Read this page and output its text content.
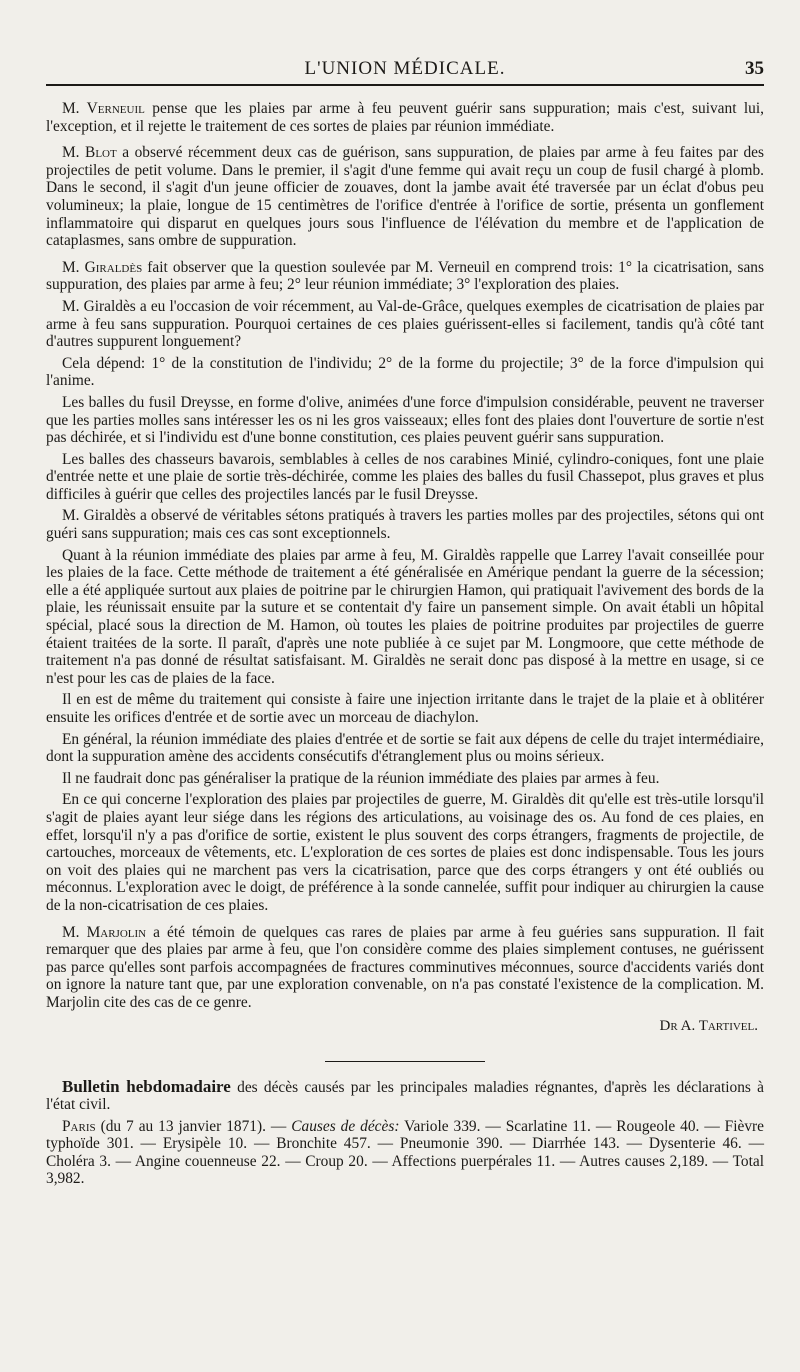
L'UNION MÉDICALE.	35

M. Verneuil pense que les plaies par arme à feu peuvent guérir sans suppuration; mais c'est, suivant lui, l'exception, et il rejette le traitement de ces sortes de plaies par réunion immédiate.

M. Blot a observé récemment deux cas de guérison, sans suppuration, de plaies par arme à feu faites par des projectiles de petit volume. Dans le premier, il s'agit d'une femme qui avait reçu un coup de fusil chargé à plomb. Dans le second, il s'agit d'un jeune officier de zouaves, dont la jambe avait été traversée par un éclat d'obus peu volumineux; la plaie, longue de 15 centimètres de l'orifice d'entrée à l'orifice de sortie, présenta un gonflement inflammatoire qui disparut en quelques jours sous l'influence de l'élévation du membre et de l'application de cataplasmes, sans ombre de suppuration.

M. Giraldès fait observer que la question soulevée par M. Verneuil en comprend trois: 1° la cicatrisation, sans suppuration, des plaies par arme à feu; 2° leur réunion immédiate; 3° l'exploration des plaies.

M. Giraldès a eu l'occasion de voir récemment, au Val-de-Grâce, quelques exemples de cicatrisation de plaies par arme à feu sans suppuration. Pourquoi certaines de ces plaies guérissent-elles si facilement, tandis qu'à côté tant d'autres suppurent longuement?

Cela dépend: 1° de la constitution de l'individu; 2° de la forme du projectile; 3° de la force d'impulsion qui l'anime.

Les balles du fusil Dreysse, en forme d'olive, animées d'une force d'impulsion considérable, peuvent ne traverser que les parties molles sans intéresser les os ni les gros vaisseaux; elles font des plaies dont l'ouverture de sortie n'est pas déchirée, et si l'individu est d'une bonne constitution, ces plaies peuvent guérir sans suppuration.

Les balles des chasseurs bavarois, semblables à celles de nos carabines Minié, cylindro-coniques, font une plaie d'entrée nette et une plaie de sortie très-déchirée, comme les plaies des balles du fusil Chassepot, plus graves et plus difficiles à guérir que celles des projectiles lancés par le fusil Dreysse.

M. Giraldès a observé de véritables sétons pratiqués à travers les parties molles par des projectiles, sétons qui ont guéri sans suppuration; mais ces cas sont exceptionnels.

Quant à la réunion immédiate des plaies par arme à feu, M. Giraldès rappelle que Larrey l'avait conseillée pour les plaies de la face. Cette méthode de traitement a été généralisée en Amérique pendant la guerre de la sécession; elle a été appliquée surtout aux plaies de poitrine par le chirurgien Hamon, qui pratiquait l'avivement des bords de la plaie, les réunissait ensuite par la suture et se contentait d'y faire un pansement simple. On avait établi un hôpital spécial, placé sous la direction de M. Hamon, où toutes les plaies de poitrine produites par projectiles de guerre étaient traitées de la sorte. Il paraît, d'après une note publiée à ce sujet par M. Longmoore, que cette méthode de traitement n'a pas donné de résultat satisfaisant. M. Giraldès ne serait donc pas disposé à la mettre en usage, si ce n'est pour les cas de plaies de la face.

Il en est de même du traitement qui consiste à faire une injection irritante dans le trajet de la plaie et à oblitérer ensuite les orifices d'entrée et de sortie avec un morceau de diachylon.

En général, la réunion immédiate des plaies d'entrée et de sortie se fait aux dépens de celle du trajet intermédiaire, dont la suppuration amène des accidents consécutifs d'étranglement plus ou moins sérieux.

Il ne faudrait donc pas généraliser la pratique de la réunion immédiate des plaies par armes à feu.

En ce qui concerne l'exploration des plaies par projectiles de guerre, M. Giraldès dit qu'elle est très-utile lorsqu'il s'agit de plaies ayant leur siége dans les régions des articulations, au voisinage des os. Au fond de ces plaies, en effet, lorsqu'il n'y a pas d'orifice de sortie, existent le plus souvent des corps étrangers, fragments de projectile, de cartouches, morceaux de vêtements, etc. L'exploration de ces sortes de plaies est donc indispensable. Tous les jours on voit des plaies qui ne marchent pas vers la cicatrisation, parce que des corps étrangers y ont été oubliés ou méconnus. L'exploration avec le doigt, de préférence à la sonde cannelée, suffit pour indiquer au chirurgien la cause de la non-cicatrisation de ces plaies.

M. Marjolin a été témoin de quelques cas rares de plaies par arme à feu guéries sans suppuration. Il fait remarquer que des plaies par arme à feu, que l'on considère comme des plaies simplement contuses, ne guérissent pas parce qu'elles sont parfois accompagnées de fractures comminutives méconnues, source d'accidents variés dont on ignore la nature tant que, par une exploration convenable, on n'a pas constaté l'existence de la complication. M. Marjolin cite des cas de ce genre.

Dr A. Tartivel.

Bulletin hebdomadaire des décès causés par les principales maladies régnantes, d'après les déclarations à l'état civil.

Paris (du 7 au 13 janvier 1871). — Causes de décès: Variole 339. — Scarlatine 11. — Rougeole 40. — Fièvre typhoïde 301. — Erysipèle 10. — Bronchite 457. — Pneumonie 390. — Diarrhée 143. — Dysenterie 46. — Choléra 3. — Angine couenneuse 22. — Croup 20. — Affections puerpérales 11. — Autres causes 2,189. — Total 3,982.
